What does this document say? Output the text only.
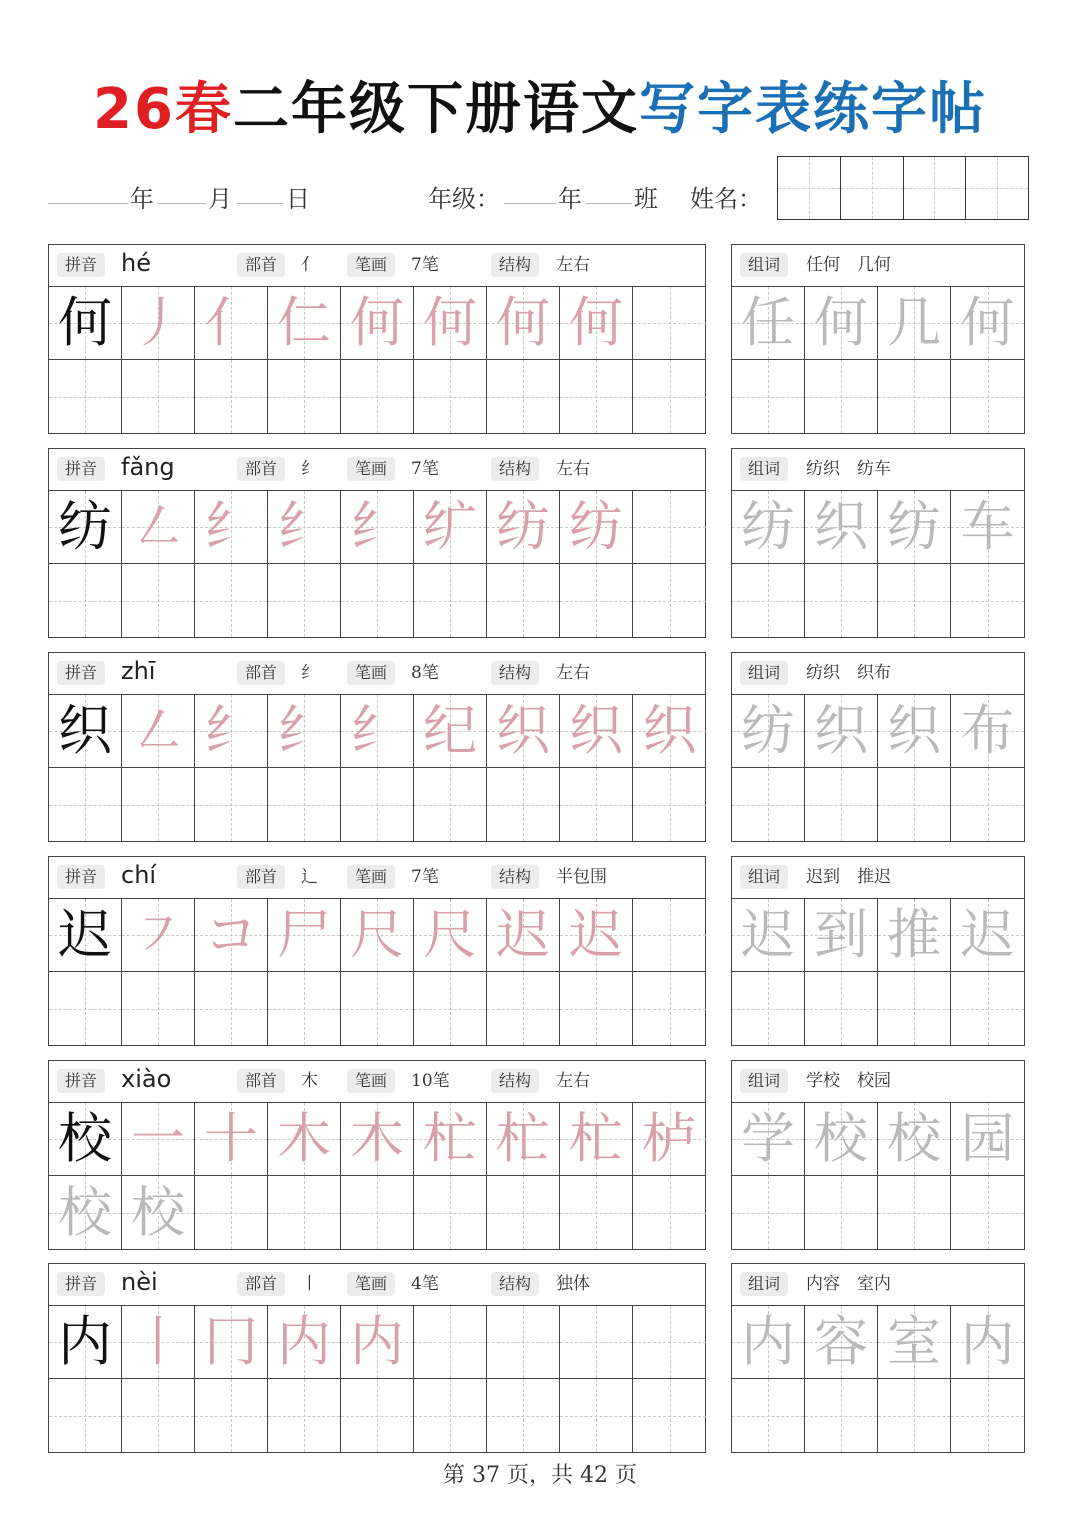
26春二年级下册语文写字表练字帖
年 月 日	年级： 年 班 姓名：
拼音 hé	部首	亻	笔画	7笔	结构	左右
何 丿 亻 仁 何 何 何 何
组词	任何　几何
任 何 几 何
拼音 fǎng	部首	纟	笔画	7笔	结构	左右
纺 ㇜ 纟 纟 纟 纩 纺 纺
组词	纺织　纺车
纺 织 纺 车
拼音 zhī	部首	纟	笔画	8笔	结构	左右
织 ㇜ 纟 纟 纟 纪 织 织 织
组词	纺织　织布
纺 织 织 布
拼音 chí	部首	辶	笔画	7笔	结构	半包围
迟 ㇇ コ 尸 尺 尺 迟 迟
组词	迟到　推迟
迟 到 推 迟
拼音 xiào	部首	木	笔画	10笔	结构	左右
校 一 十 木 木 杧 杧 杧 栌
校 校
组词	学校　校园
学 校 校 园
拼音 nèi	部首	丨	笔画	4笔	结构	独体
内 丨 冂 内 内
组词	内容　室内
内 容 室 内
第 37 页，共 42 页
